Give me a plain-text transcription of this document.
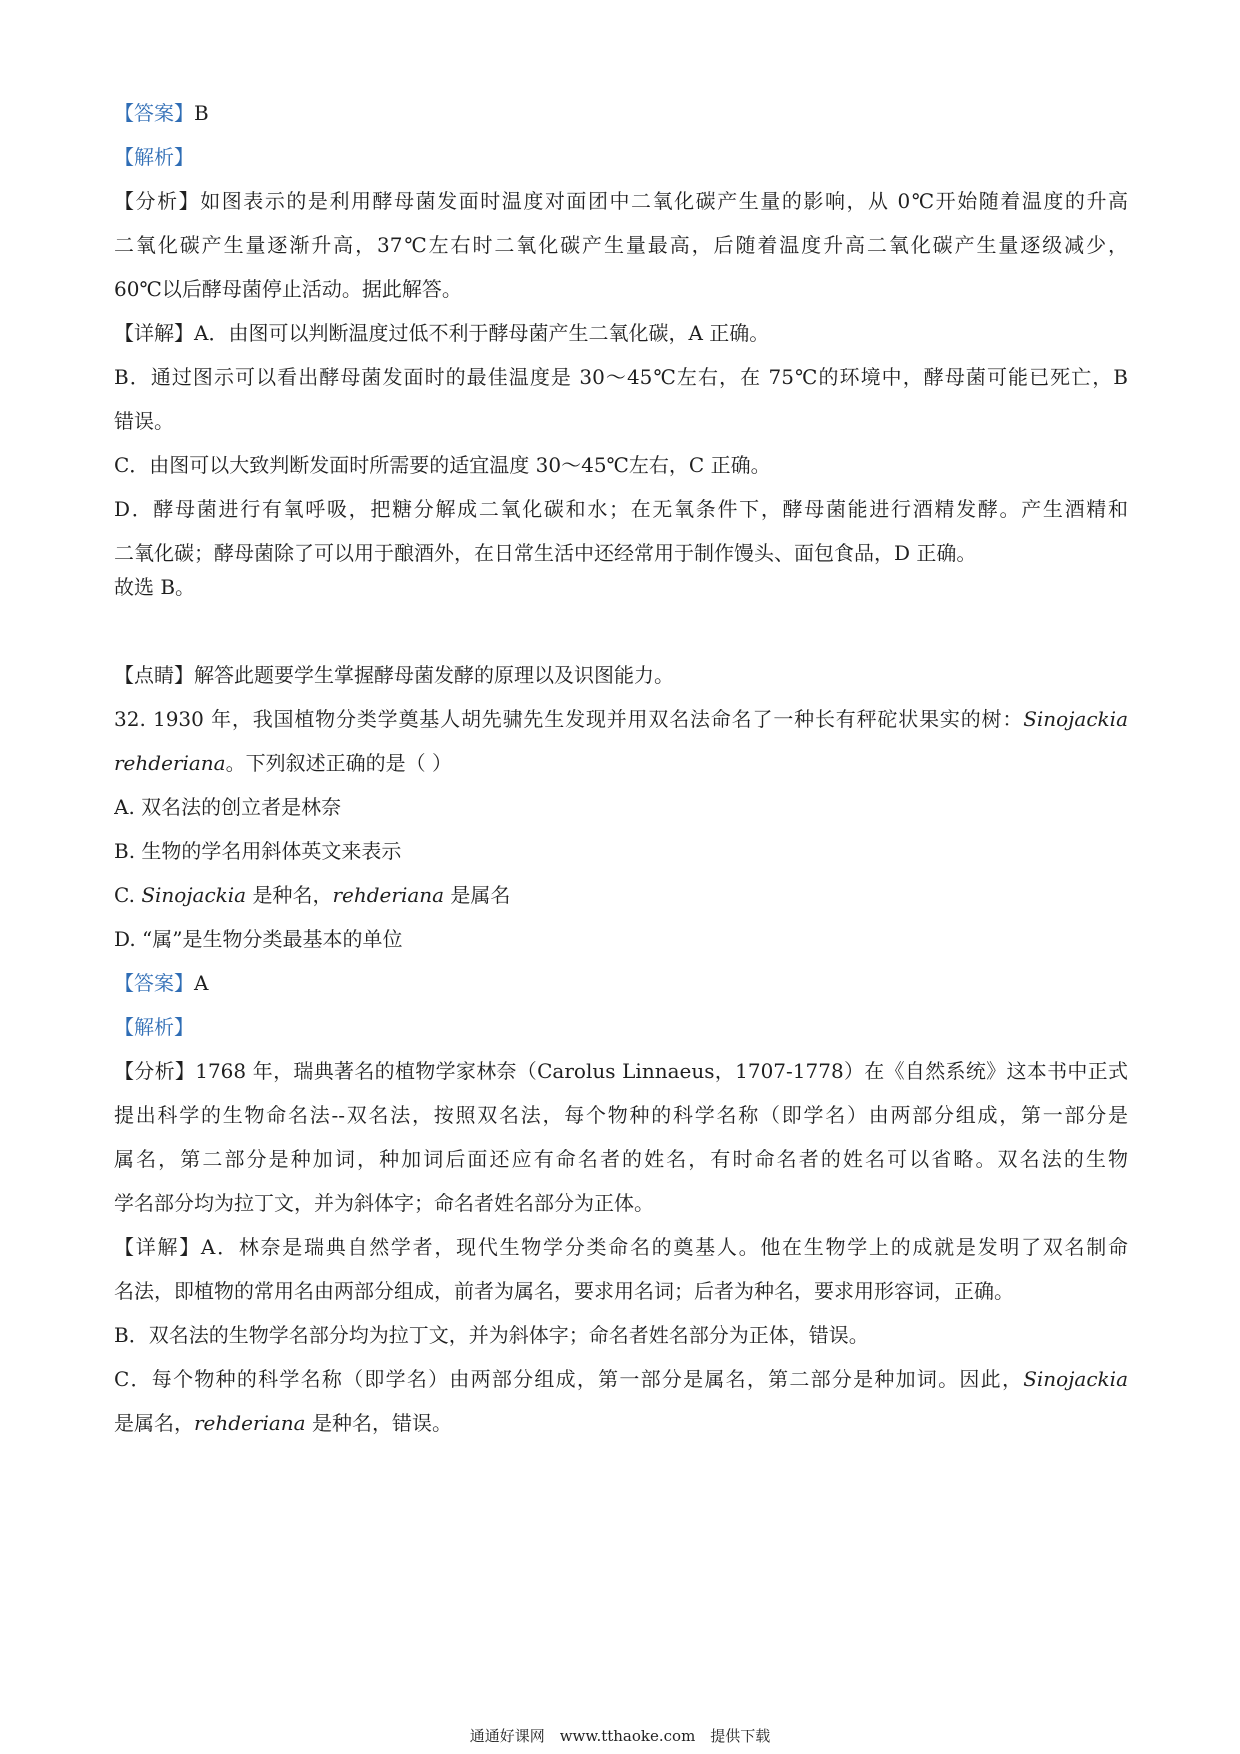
【答案】B
【解析】
【分析】如图表示的是利用酵母菌发面时温度对面团中二氧化碳产生量的影响，从 0℃开始随着温度的升高
二氧化碳产生量逐渐升高，37℃左右时二氧化碳产生量最高，后随着温度升高二氧化碳产生量逐级减少，
60℃以后酵母菌停止活动。据此解答。
【详解】A．由图可以判断温度过低不利于酵母菌产生二氧化碳，A 正确。
B．通过图示可以看出酵母菌发面时的最佳温度是 30～45℃左右，在 75℃的环境中，酵母菌可能已死亡，B
错误。
C．由图可以大致判断发面时所需要的适宜温度 30～45℃左右，C 正确。
D．酵母菌进行有氧呼吸，把糖分解成二氧化碳和水；在无氧条件下，酵母菌能进行酒精发酵。产生酒精和
二氧化碳；酵母菌除了可以用于酿酒外，在日常生活中还经常用于制作馒头、面包食品，D 正确。
故选 B。
【点睛】解答此题要学生掌握酵母菌发酵的原理以及识图能力。
32. 1930 年，我国植物分类学奠基人胡先骕先生发现并用双名法命名了一种长有秤砣状果实的树：Sinojackia
rehderiana。下列叙述正确的是（ ）
A. 双名法的创立者是林奈
B. 生物的学名用斜体英文来表示
C. Sinojackia 是种名，rehderiana 是属名
D. “属”是生物分类最基本的单位
【答案】A
【解析】
【分析】1768 年，瑞典著名的植物学家林奈（Carolus Linnaeus，1707-1778）在《自然系统》这本书中正式
提出科学的生物命名法--双名法，按照双名法，每个物种的科学名称（即学名）由两部分组成，第一部分是
属名，第二部分是种加词，种加词后面还应有命名者的姓名，有时命名者的姓名可以省略。双名法的生物
学名部分均为拉丁文，并为斜体字；命名者姓名部分为正体。
【详解】A．林奈是瑞典自然学者，现代生物学分类命名的奠基人。他在生物学上的成就是发明了双名制命
名法，即植物的常用名由两部分组成，前者为属名，要求用名词；后者为种名，要求用形容词，正确。
B．双名法的生物学名部分均为拉丁文，并为斜体字；命名者姓名部分为正体，错误。
C．每个物种的科学名称（即学名）由两部分组成，第一部分是属名，第二部分是种加词。因此，Sinojackia
是属名，rehderiana 是种名，错误。
通通好课网　www.tthaoke.com　提供下载
